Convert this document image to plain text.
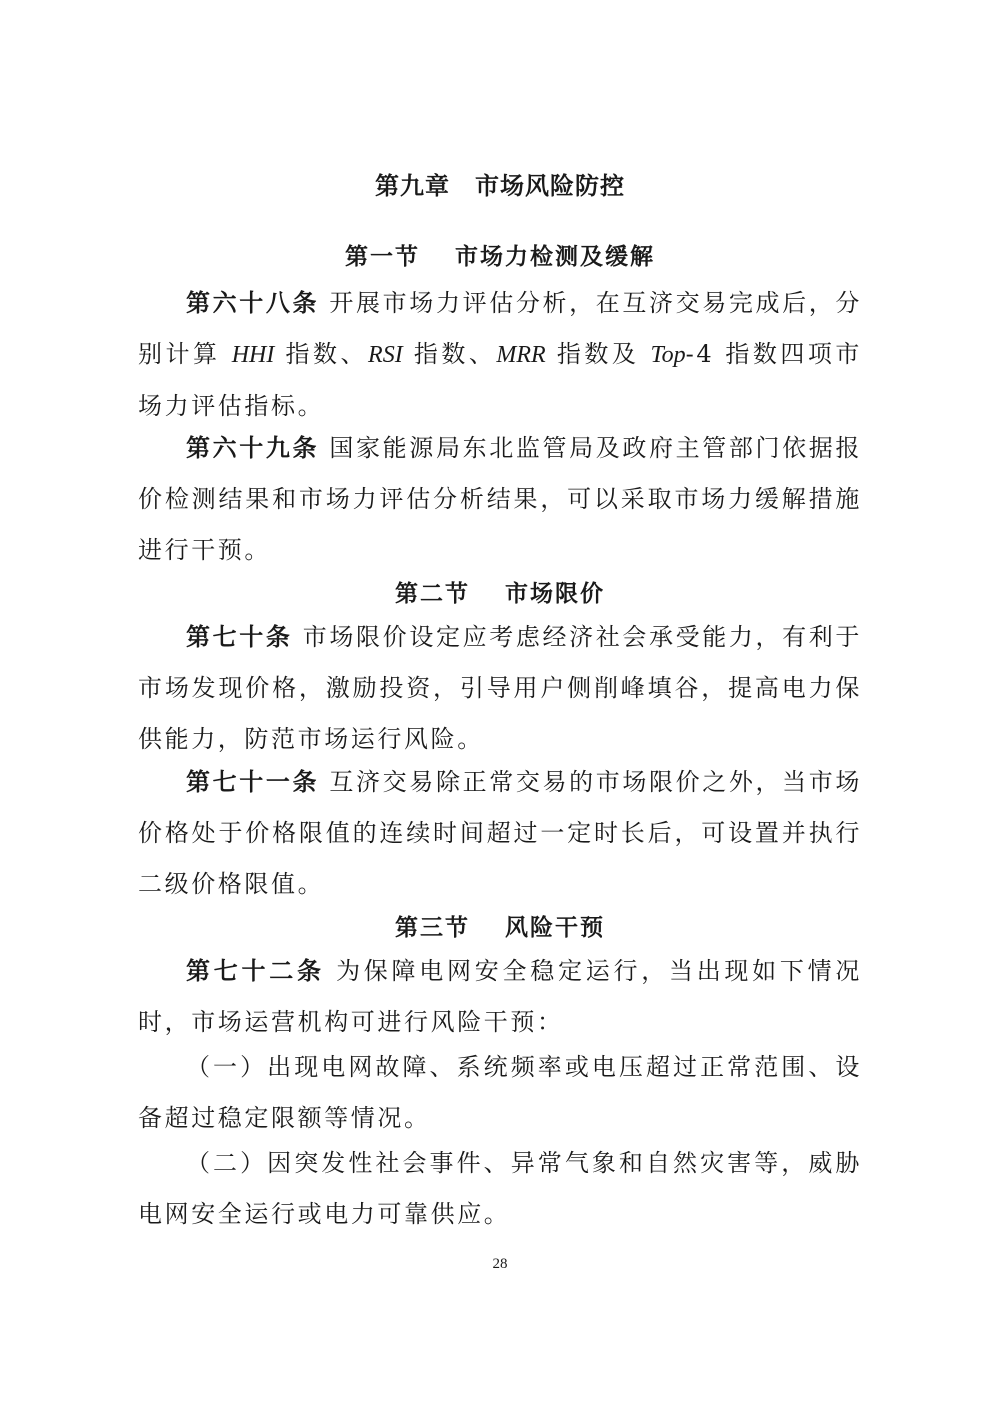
第九章　市场风险防控
第一节　 市场力检测及缓解

第六十八条 开展市场力评估分析，在互济交易完成后，分别计算 HHI 指数、RSI 指数、MRR 指数及 Top-4 指数四项市场力评估指标。

第六十九条 国家能源局东北监管局及政府主管部门依据报价检测结果和市场力评估分析结果，可以采取市场力缓解措施进行干预。

第二节　 市场限价

第七十条 市场限价设定应考虑经济社会承受能力，有利于市场发现价格，激励投资，引导用户侧削峰填谷，提高电力保供能力，防范市场运行风险。

第七十一条 互济交易除正常交易的市场限价之外，当市场价格处于价格限值的连续时间超过一定时长后，可设置并执行二级价格限值。

第三节　 风险干预

第七十二条 为保障电网安全稳定运行，当出现如下情况时，市场运营机构可进行风险干预：

（一）出现电网故障、系统频率或电压超过正常范围、设备超过稳定限额等情况。

（二）因突发性社会事件、异常气象和自然灾害等，威胁电网安全运行或电力可靠供应。

28
